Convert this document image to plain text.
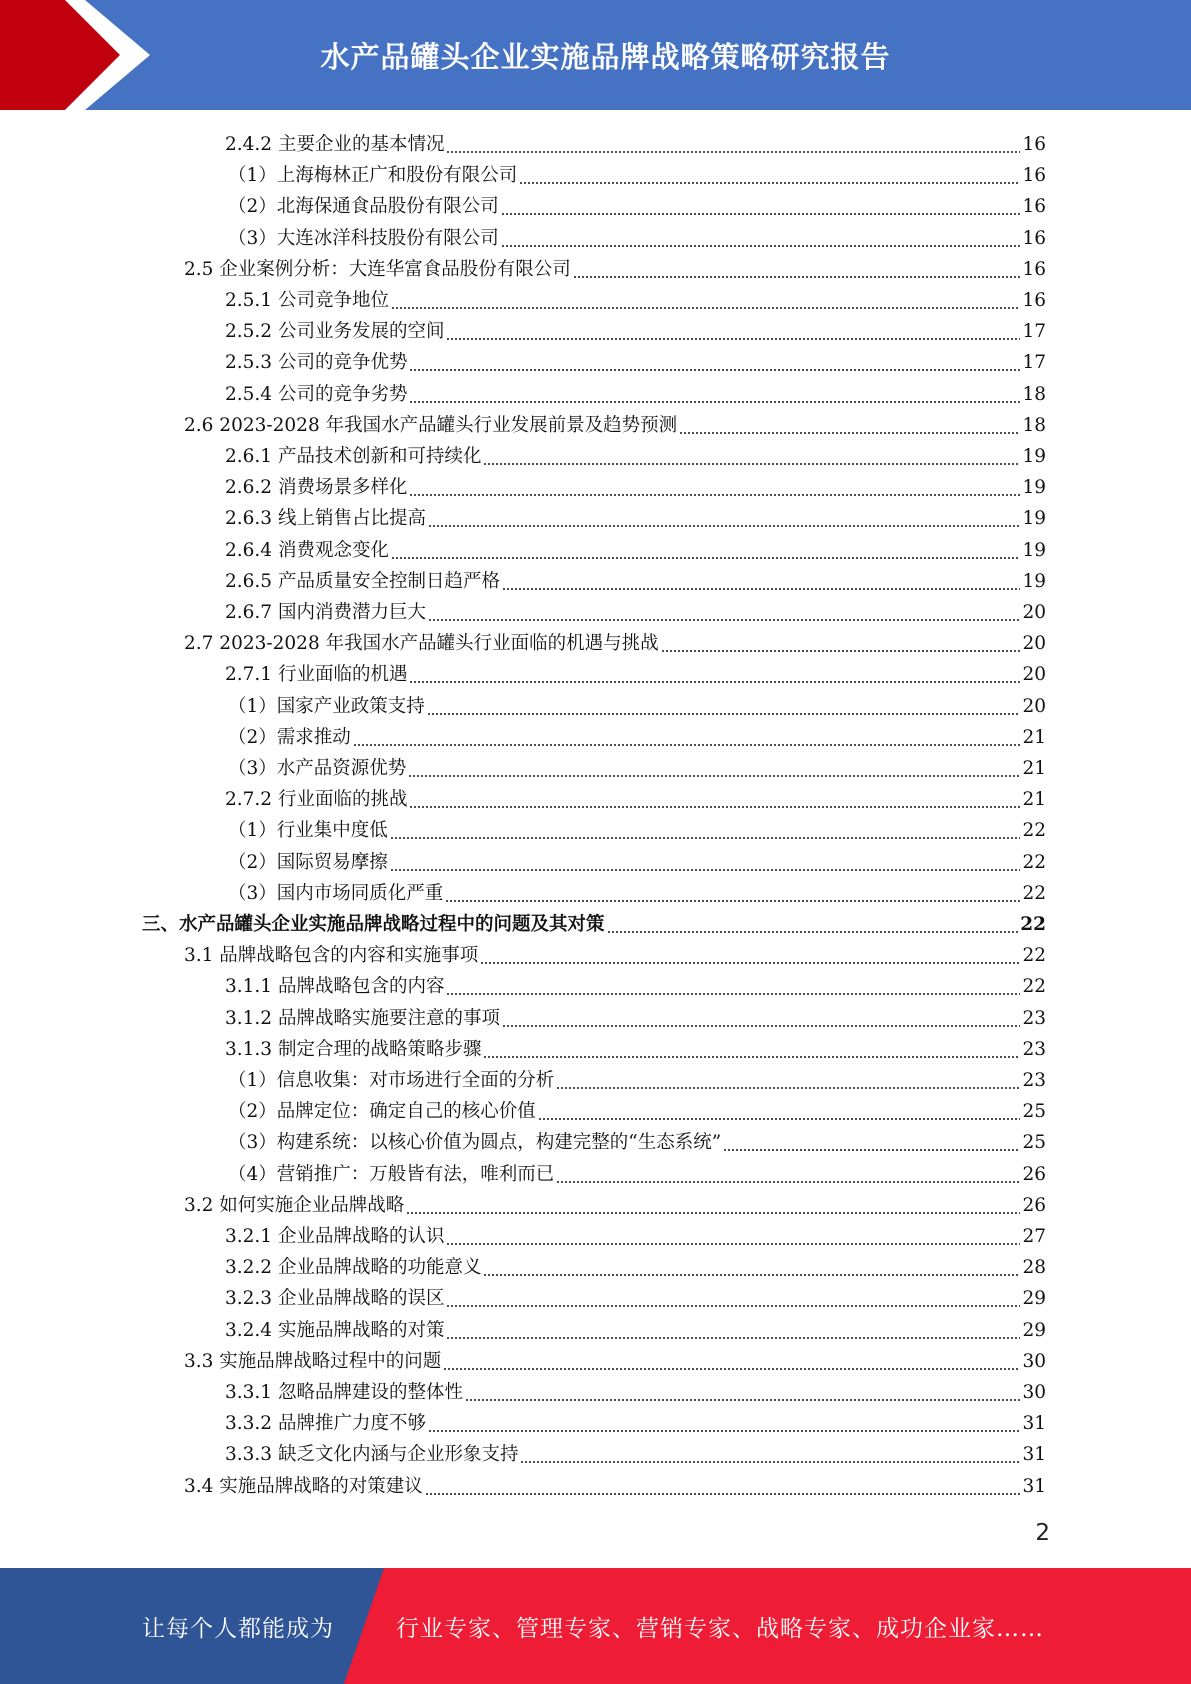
水产品罐头企业实施品牌战略策略研究报告
2.4.2 主要企业的基本情况	16
（1）上海梅林正广和股份有限公司	16
（2）北海保通食品股份有限公司	16
（3）大连冰洋科技股份有限公司	16
2.5 企业案例分析：大连华富食品股份有限公司	16
2.5.1 公司竞争地位	16
2.5.2 公司业务发展的空间	17
2.5.3 公司的竞争优势	17
2.5.4 公司的竞争劣势	18
2.6 2023-2028 年我国水产品罐头行业发展前景及趋势预测	18
2.6.1 产品技术创新和可持续化	19
2.6.2 消费场景多样化	19
2.6.3 线上销售占比提高	19
2.6.4 消费观念变化	19
2.6.5 产品质量安全控制日趋严格	19
2.6.7 国内消费潜力巨大	20
2.7 2023-2028 年我国水产品罐头行业面临的机遇与挑战	20
2.7.1 行业面临的机遇	20
（1）国家产业政策支持	20
（2）需求推动	21
（3）水产品资源优势	21
2.7.2 行业面临的挑战	21
（1）行业集中度低	22
（2）国际贸易摩擦	22
（3）国内市场同质化严重	22
三、水产品罐头企业实施品牌战略过程中的问题及其对策	22
3.1 品牌战略包含的内容和实施事项	22
3.1.1 品牌战略包含的内容	22
3.1.2 品牌战略实施要注意的事项	23
3.1.3 制定合理的战略策略步骤	23
（1）信息收集：对市场进行全面的分析	23
（2）品牌定位：确定自己的核心价值	25
（3）构建系统：以核心价值为圆点，构建完整的“生态系统”	25
（4）营销推广：万般皆有法，唯利而已	26
3.2 如何实施企业品牌战略	26
3.2.1 企业品牌战略的认识	27
3.2.2 企业品牌战略的功能意义	28
3.2.3 企业品牌战略的误区	29
3.2.4 实施品牌战略的对策	29
3.3 实施品牌战略过程中的问题	30
3.3.1 忽略品牌建设的整体性	30
3.3.2 品牌推广力度不够	31
3.3.3 缺乏文化内涵与企业形象支持	31
3.4 实施品牌战略的对策建议	31
2
让每个人都能成为	行业专家、管理专家、营销专家、战略专家、成功企业家……
